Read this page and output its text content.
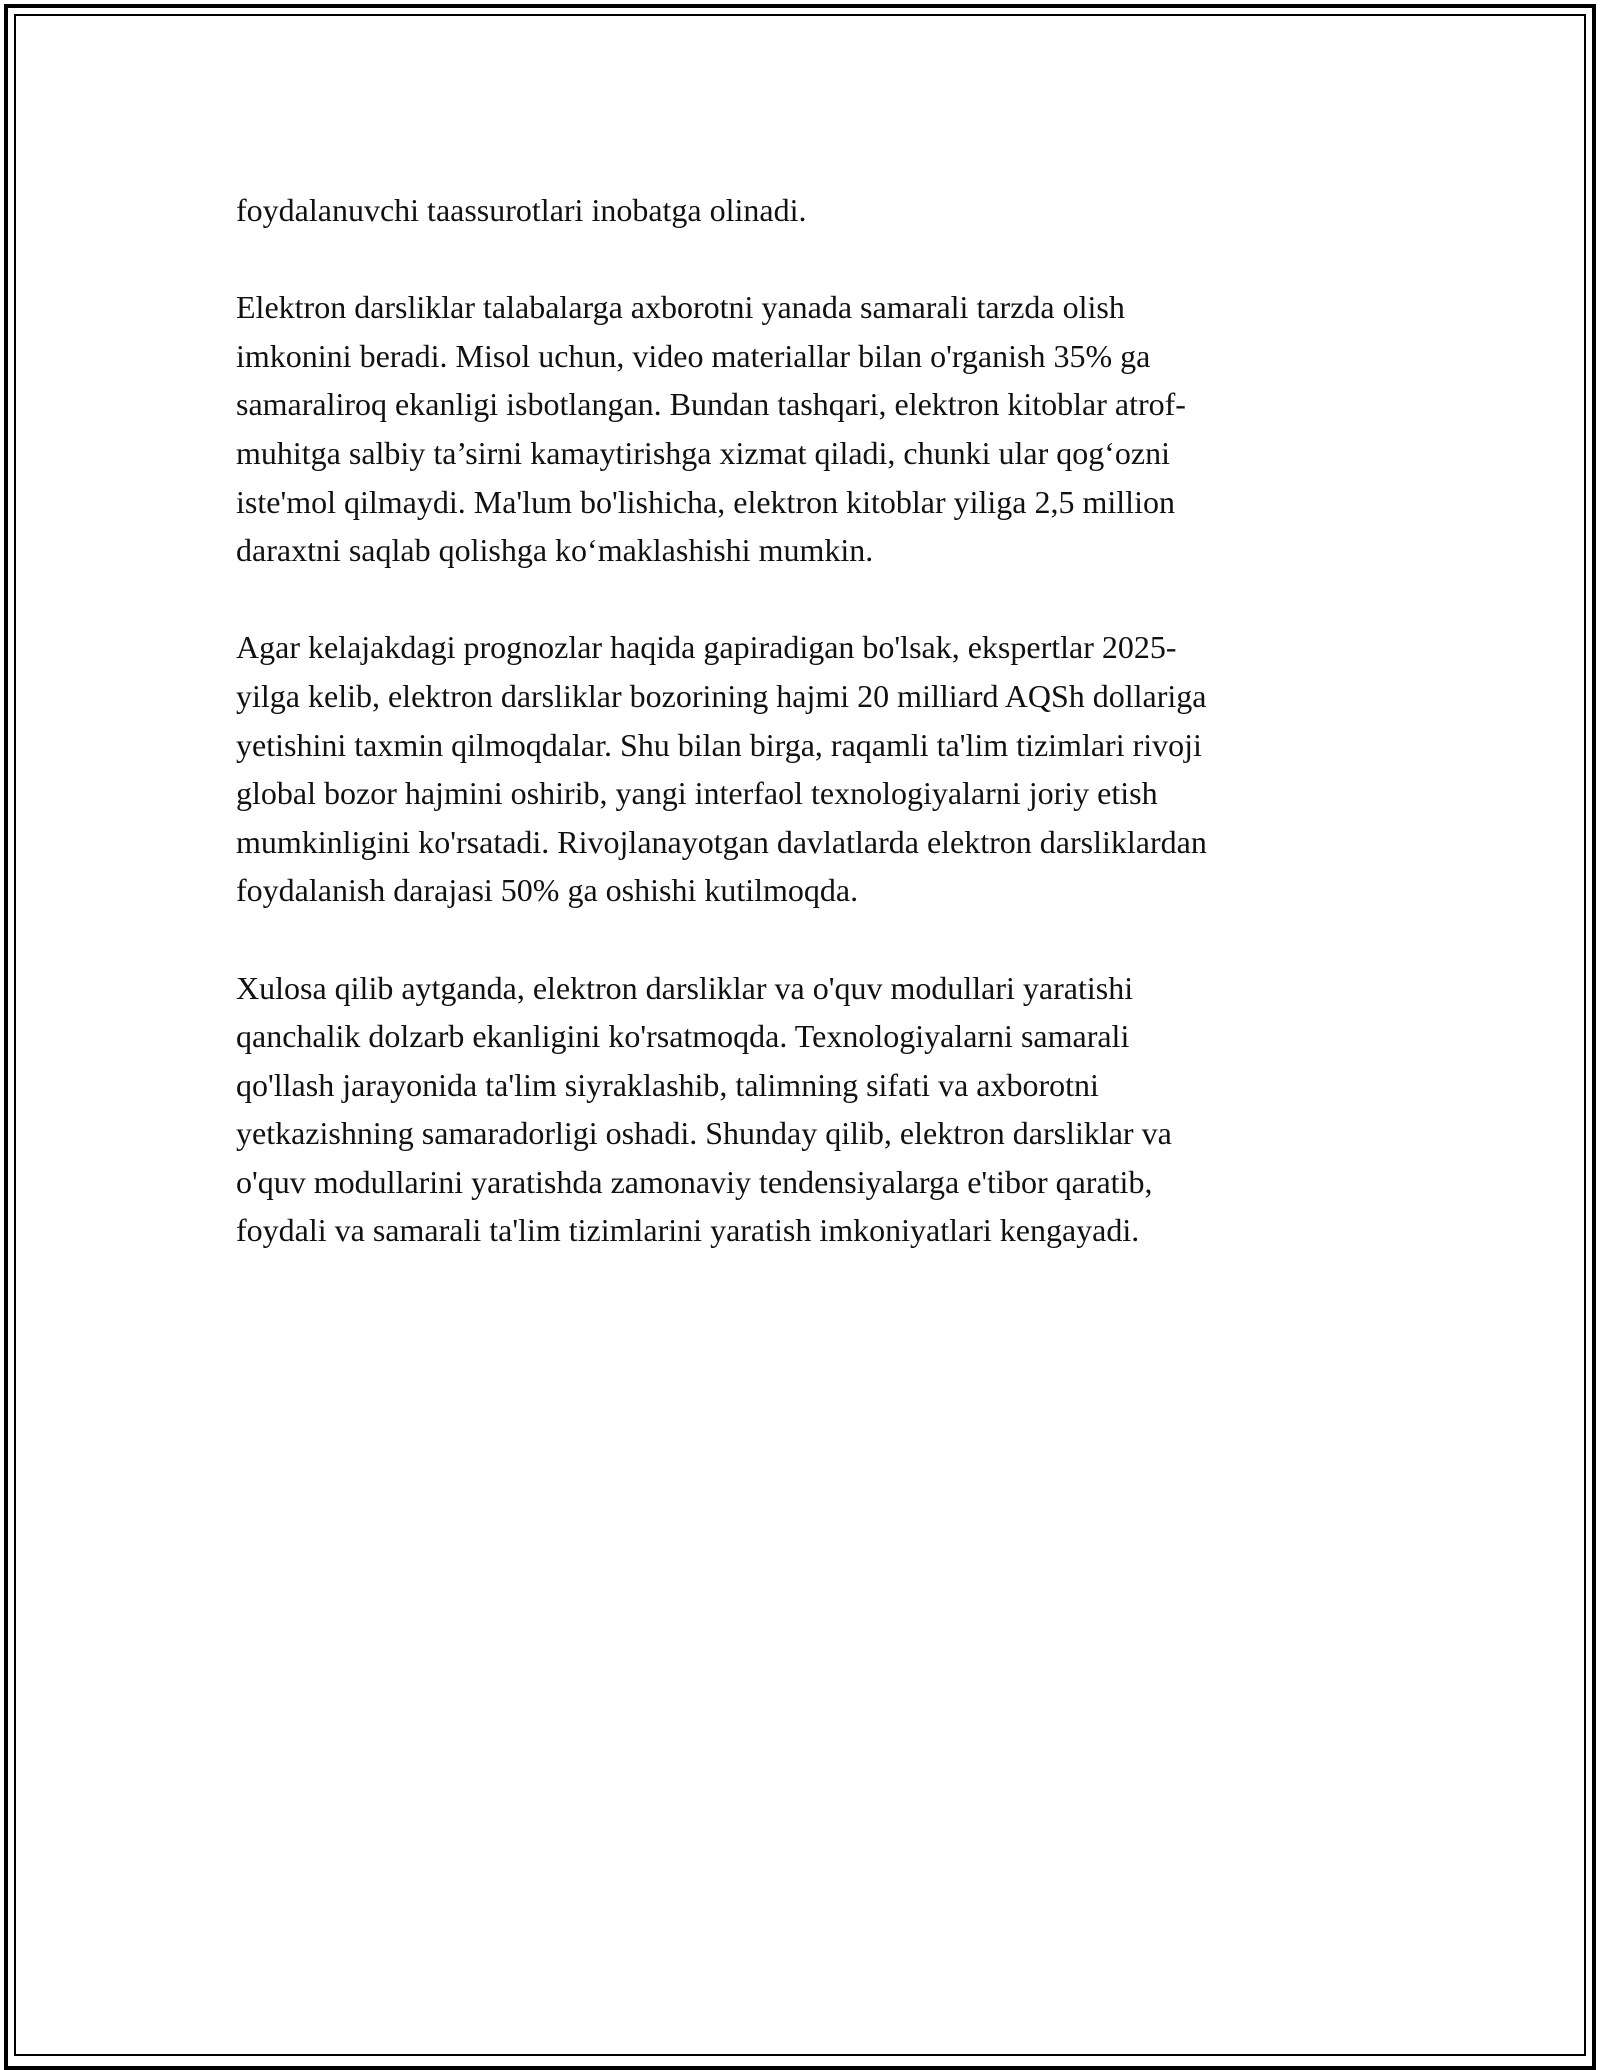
foydalanuvchi taassurotlari inobatga olinadi.

Elektron darsliklar talabalarga axborotni yanada samarali tarzda olish
imkonini beradi. Misol uchun, video materiallar bilan o'rganish 35% ga
samaraliroq ekanligi isbotlangan. Bundan tashqari, elektron kitoblar atrof-
muhitga salbiy ta’sirni kamaytirishga xizmat qiladi, chunki ular qog‘ozni
iste'mol qilmaydi. Ma'lum bo'lishicha, elektron kitoblar yiliga 2,5 million
daraxtni saqlab qolishga ko‘maklashishi mumkin.

Agar kelajakdagi prognozlar haqida gapiradigan bo'lsak, ekspertlar 2025-
yilga kelib, elektron darsliklar bozorining hajmi 20 milliard AQSh dollariga
yetishini taxmin qilmoqdalar. Shu bilan birga, raqamli ta'lim tizimlari rivoji
global bozor hajmini oshirib, yangi interfaol texnologiyalarni joriy etish
mumkinligini ko'rsatadi. Rivojlanayotgan davlatlarda elektron darsliklardan
foydalanish darajasi 50% ga oshishi kutilmoqda.

Xulosa qilib aytganda, elektron darsliklar va o'quv modullari yaratishi
qanchalik dolzarb ekanligini ko'rsatmoqda. Texnologiyalarni samarali
qo'llash jarayonida ta'lim siyraklashib, talimning sifati va axborotni
yetkazishning samaradorligi oshadi. Shunday qilib, elektron darsliklar va
o'quv modullarini yaratishda zamonaviy tendensiyalarga e'tibor qaratib,
foydali va samarali ta'lim tizimlarini yaratish imkoniyatlari kengayadi.
